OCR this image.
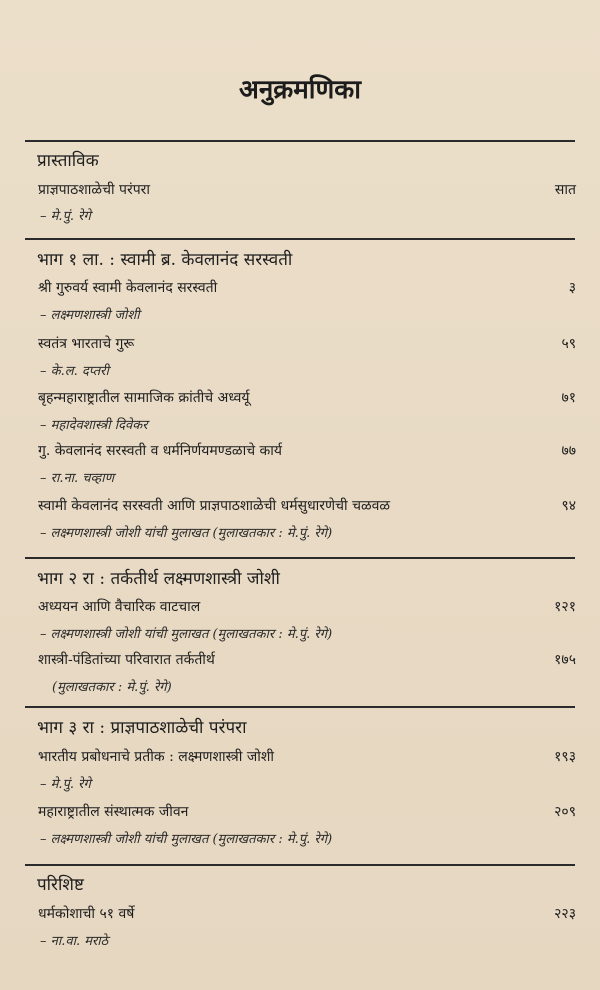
अनुक्रमणिका
प्रास्ताविक
प्राज्ञपाठशाळेची परंपरा	सात
– मे.पुं. रेगे
भाग १ ला. : स्वामी ब्र. केवलानंद सरस्वती
श्री गुरुवर्य स्वामी केवलानंद सरस्वती	३
– लक्ष्मणशास्त्री जोशी
स्वतंत्र भारताचे गुरू	५९
– के.ल. दप्तरी
बृहन्महाराष्ट्रातील सामाजिक क्रांतीचे अध्वर्यू	७१
– महादेवशास्त्री दिवेकर
गु. केवलानंद सरस्वती व धर्मनिर्णयमण्डळाचे कार्य	७७
– रा.ना. चव्हाण
स्वामी केवलानंद सरस्वती आणि प्राज्ञपाठशाळेची धर्मसुधारणेची चळवळ	९४
– लक्ष्मणशास्त्री जोशी यांची मुलाखत (मुलाखतकार : मे.पुं. रेगे)
भाग २ रा : तर्कतीर्थ लक्ष्मणशास्त्री जोशी
अध्ययन आणि वैचारिक वाटचाल	१२१
– लक्ष्मणशास्त्री जोशी यांची मुलाखत (मुलाखतकार : मे.पुं. रेगे)
शास्त्री-पंडितांच्या परिवारात तर्कतीर्थ	१७५
(मुलाखतकार : मे.पुं. रेगे)
भाग ३ रा : प्राज्ञपाठशाळेची परंपरा
भारतीय प्रबोधनाचे प्रतीक : लक्ष्मणशास्त्री जोशी	१९३
– मे.पुं. रेगे
महाराष्ट्रातील संस्थात्मक जीवन	२०९
– लक्ष्मणशास्त्री जोशी यांची मुलाखत (मुलाखतकार : मे.पुं. रेगे)
परिशिष्ट
धर्मकोशाची ५१ वर्षे	२२३
– ना.वा. मराठे
